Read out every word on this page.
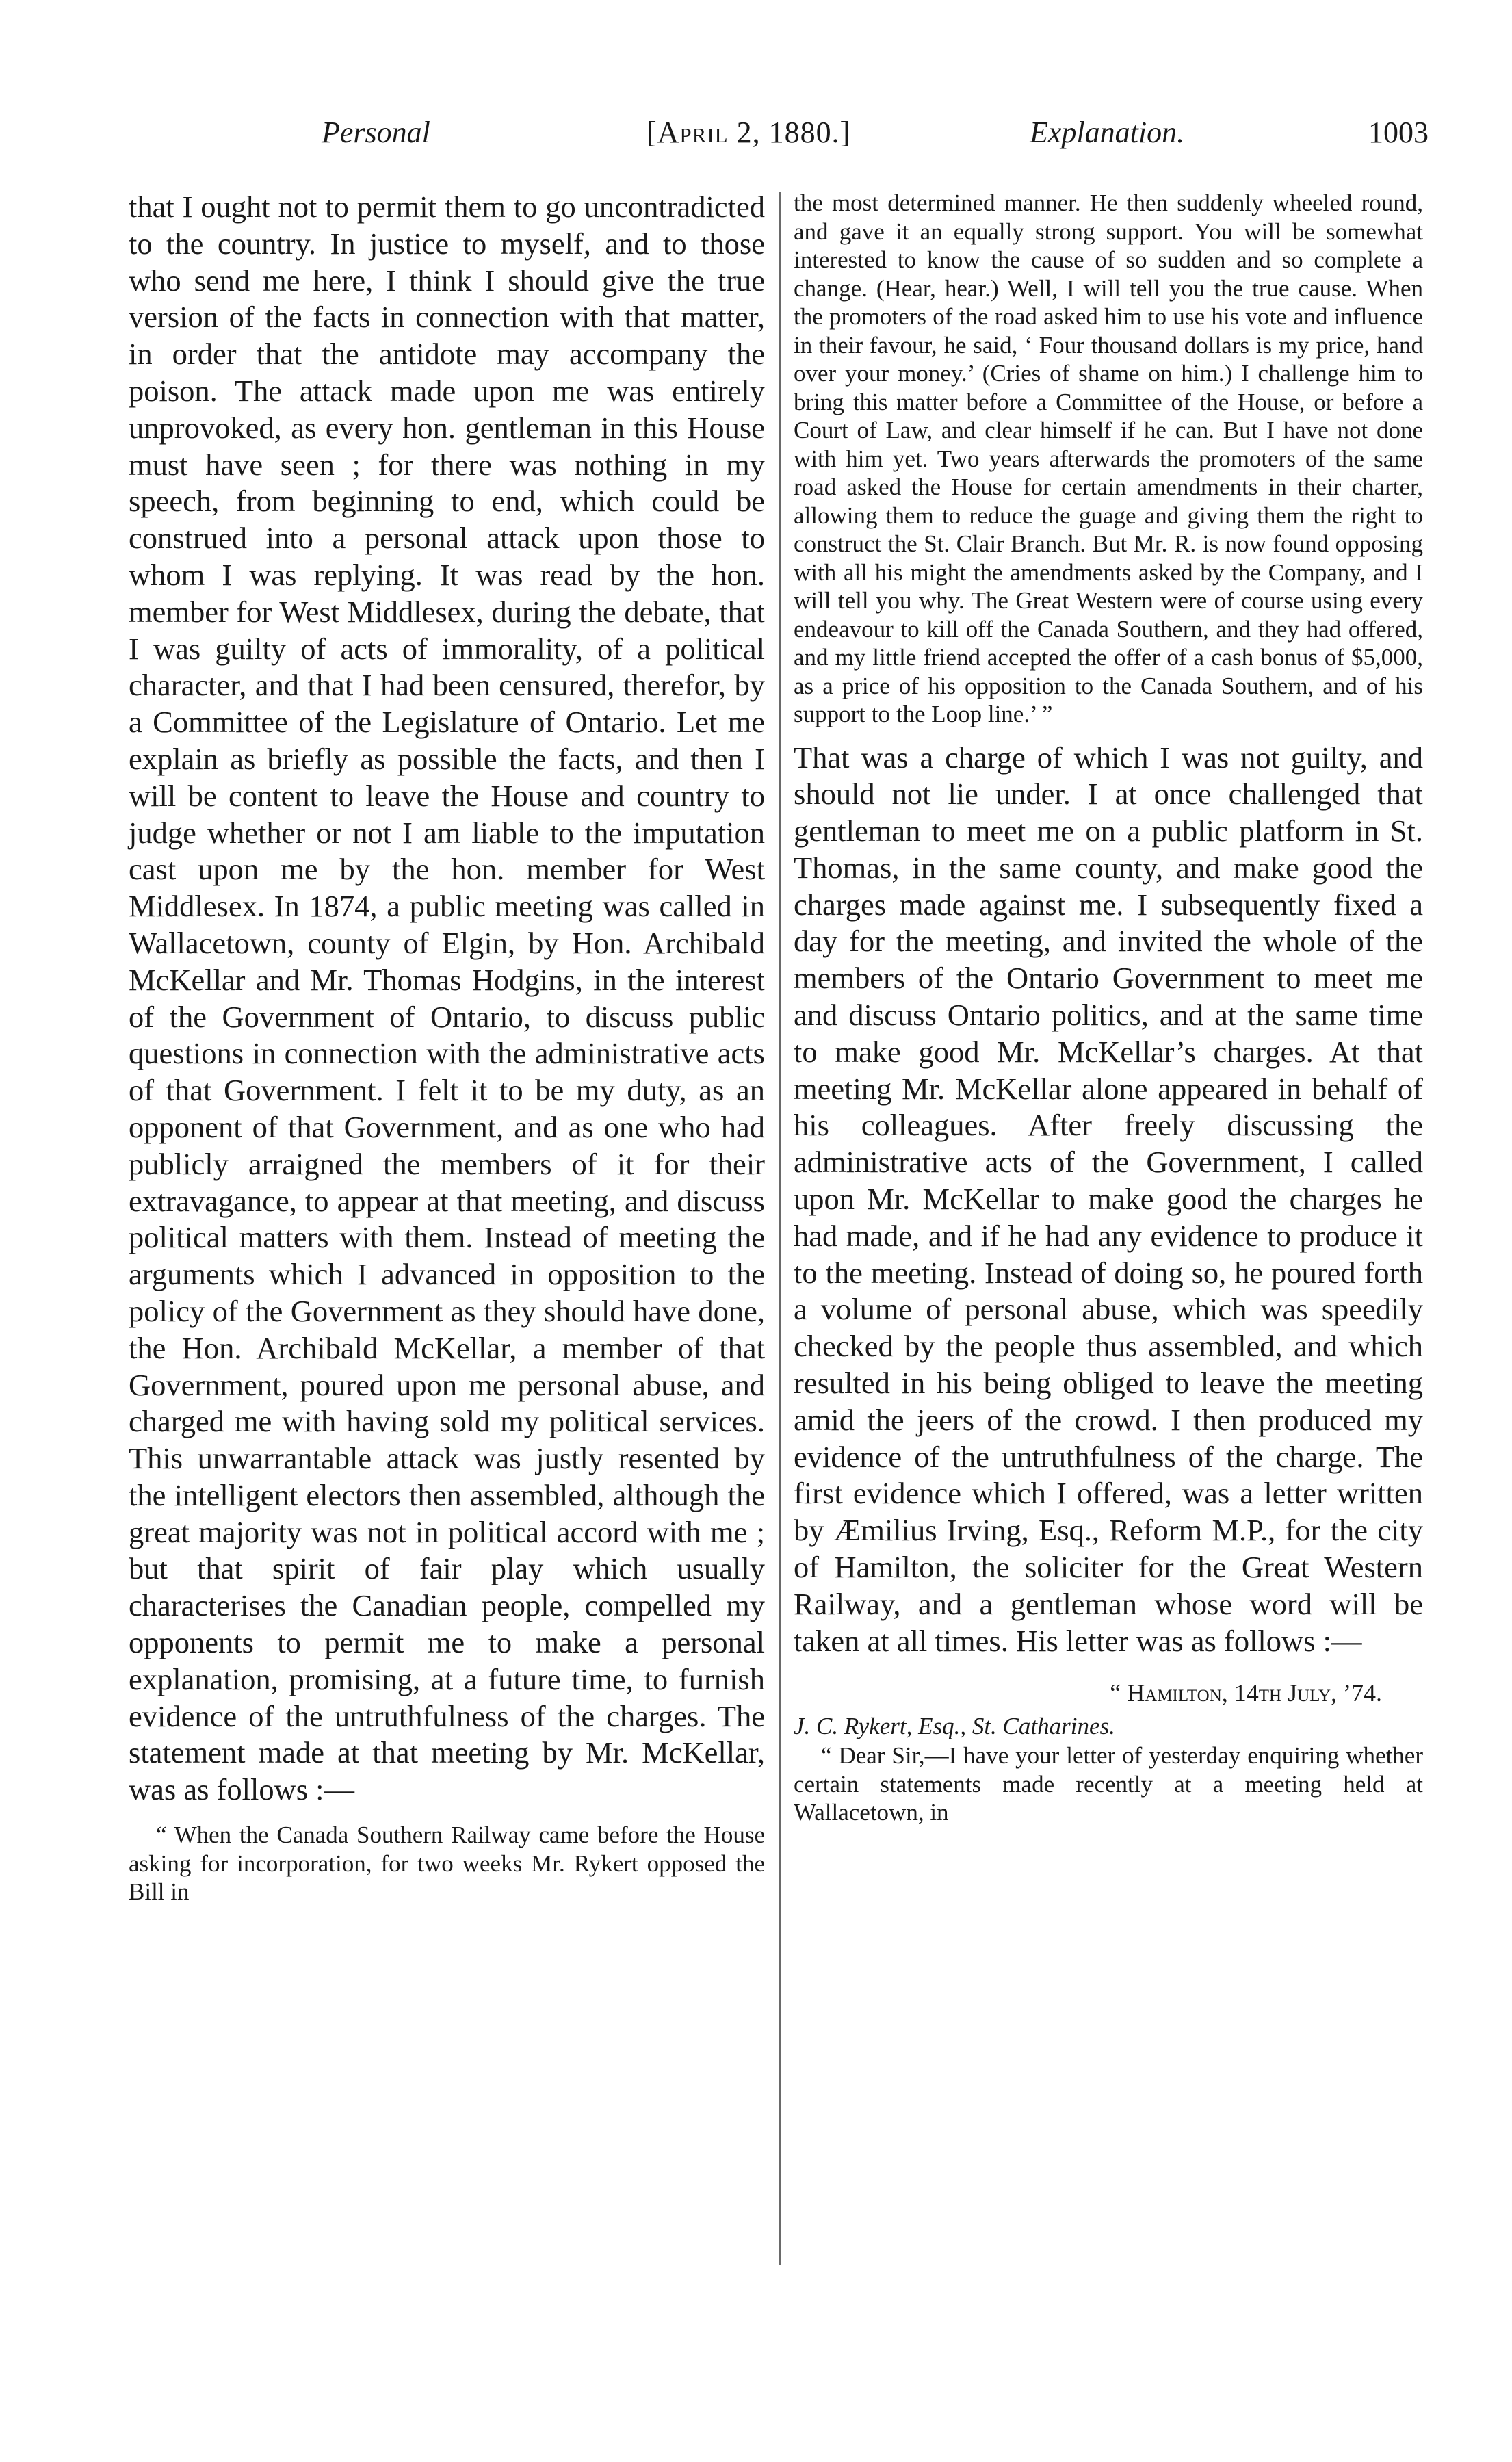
Personal	[April 2, 1880.]	Explanation.	1003

that I ought not to permit them to go uncontradicted to the country. In justice to myself, and to those who send me here, I think I should give the true version of the facts in connection with that matter, in order that the antidote may accompany the poison. The attack made upon me was entirely unprovoked, as every hon. gentleman in this House must have seen ; for there was nothing in my speech, from beginning to end, which could be construed into a personal attack upon those to whom I was replying. It was read by the hon. member for West Middlesex, during the debate, that I was guilty of acts of immorality, of a political character, and that I had been censured, therefor, by a Committee of the Legislature of Ontario. Let me explain as briefly as possible the facts, and then I will be content to leave the House and country to judge whether or not I am liable to the imputation cast upon me by the hon. member for West Middlesex. In 1874, a public meeting was called in Wallacetown, county of Elgin, by Hon. Archibald McKellar and Mr. Thomas Hodgins, in the interest of the Government of Ontario, to discuss public questions in connection with the administrative acts of that Government. I felt it to be my duty, as an opponent of that Government, and as one who had publicly arraigned the members of it for their extravagance, to appear at that meeting, and discuss political matters with them. Instead of meeting the arguments which I advanced in opposition to the policy of the Government as they should have done, the Hon. Archibald McKellar, a member of that Government, poured upon me personal abuse, and charged me with having sold my political services. This unwarrantable attack was justly resented by the intelligent electors then assembled, although the great majority was not in political accord with me ; but that spirit of fair play which usually characterises the Canadian people, compelled my opponents to permit me to make a personal explanation, promising, at a future time, to furnish evidence of the untruthfulness of the charges. The statement made at that meeting by Mr. McKellar, was as follows :—

“ When the Canada Southern Railway came before the House asking for incorporation, for two weeks Mr. Rykert opposed the Bill in

the most determined manner. He then suddenly wheeled round, and gave it an equally strong support. You will be somewhat interested to know the cause of so sudden and so complete a change. (Hear, hear.) Well, I will tell you the true cause. When the promoters of the road asked him to use his vote and influence in their favour, he said, ‘ Four thousand dollars is my price, hand over your money.’ (Cries of shame on him.) I challenge him to bring this matter before a Committee of the House, or before a Court of Law, and clear himself if he can. But I have not done with him yet. Two years afterwards the promoters of the same road asked the House for certain amendments in their charter, allowing them to reduce the guage and giving them the right to construct the St. Clair Branch. But Mr. R. is now found opposing with all his might the amendments asked by the Company, and I will tell you why. The Great Western were of course using every endeavour to kill off the Canada Southern, and they had offered, and my little friend accepted the offer of a cash bonus of $5,000, as a price of his opposition to the Canada Southern, and of his support to the Loop line.’ ”

That was a charge of which I was not guilty, and should not lie under. I at once challenged that gentleman to meet me on a public platform in St. Thomas, in the same county, and make good the charges made against me. I subsequently fixed a day for the meeting, and invited the whole of the members of the Ontario Government to meet me and discuss Ontario politics, and at the same time to make good Mr. McKellar’s charges. At that meeting Mr. McKellar alone appeared in behalf of his colleagues. After freely discussing the administrative acts of the Government, I called upon Mr. McKellar to make good the charges he had made, and if he had any evidence to produce it to the meeting. Instead of doing so, he poured forth a volume of personal abuse, which was speedily checked by the people thus assembled, and which resulted in his being obliged to leave the meeting amid the jeers of the crowd. I then produced my evidence of the untruthfulness of the charge. The first evidence which I offered, was a letter written by Æmilius Irving, Esq., Reform M.P., for the city of Hamilton, the soliciter for the Great Western Railway, and a gentleman whose word will be taken at all times. His letter was as follows :—

“ Hamilton, 14th July, ’74.

J. C. Rykert, Esq., St. Catharines.

“ Dear Sir,—I have your letter of yesterday enquiring whether certain statements made recently at a meeting held at Wallacetown, in
